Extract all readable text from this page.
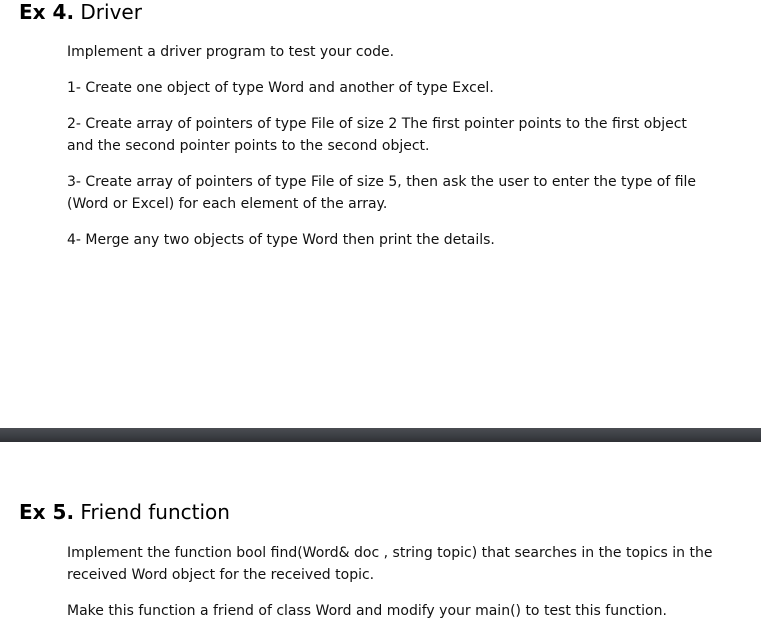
Ex 4. Driver

Implement a driver program to test your code.

1- Create one object of type Word and another of type Excel.

2- Create array of pointers of type File of size 2 The first pointer points to the first object and the second pointer points to the second object.

3- Create array of pointers of type File of size 5, then ask the user to enter the type of file (Word or Excel) for each element of the array.

4- Merge any two objects of type Word then print the details.

Ex 5. Friend function

Implement the function bool find(Word& doc , string topic) that searches in the topics in the received Word object for the received topic.

Make this function a friend of class Word and modify your main() to test this function.
